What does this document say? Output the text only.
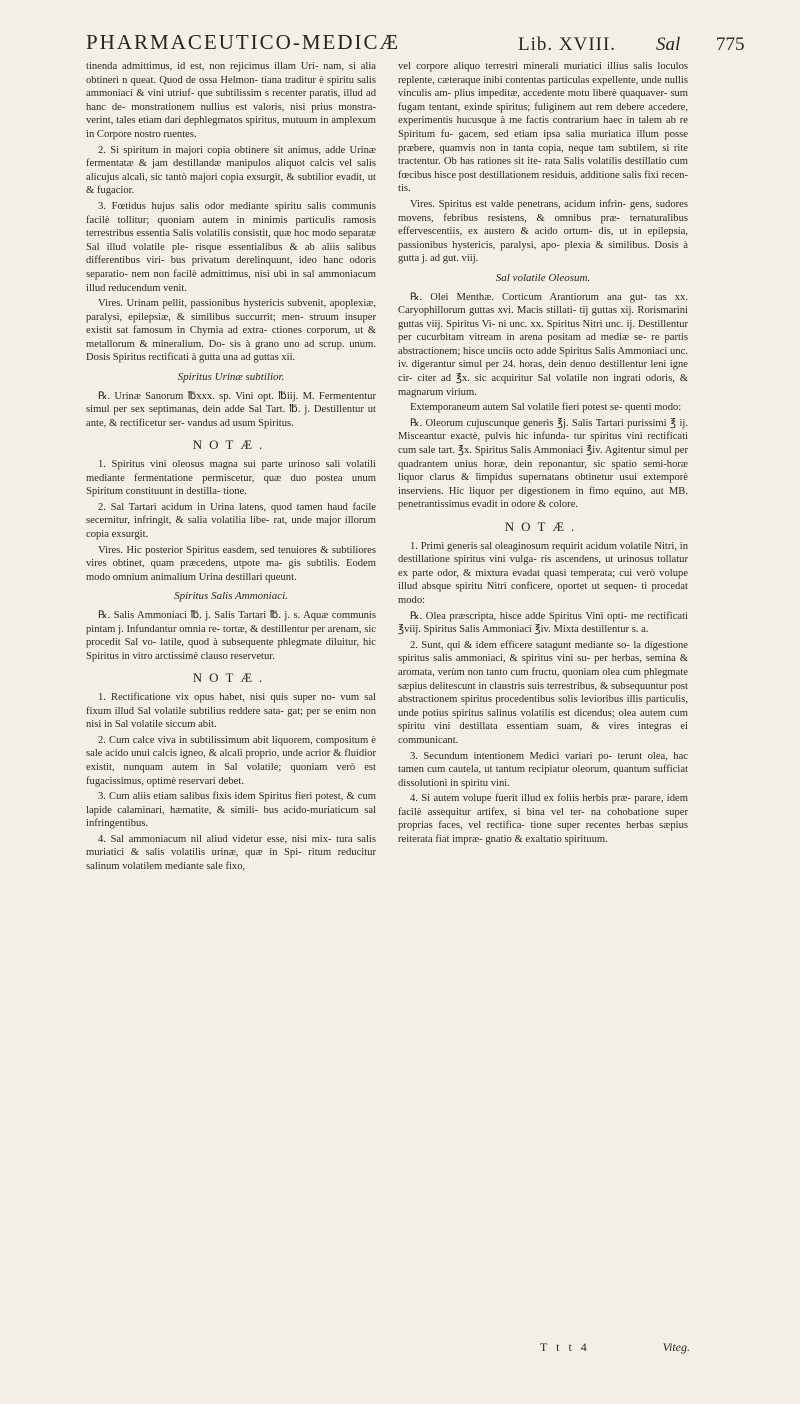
PHARMACEUTICO-MEDICÆ	Lib. XVIII. Sal 775

tinenda admittimus, id est, non rejicimus illam Uri- nam, si alia obtineri n queat. Quod de ossa Helmon- tiana traditur è spiritu salis ammoniaci & vini utriuf- que subtilissim s recenter paratis, illud ad hanc de- monstrationem nullius est valoris, nisi prius monstra- verint, tales etiam dari dephlegmatos spiritus, mutuum in amplexum in Corpore nostro ruentes.

2. Si spiritum in majori copia obtinere sit animus, adde Urinæ fermentatæ & jam destillandæ manipulos aliquot calcis vel salis alicujus alcali, sic tantò majori copia exsurgit, & subtilior evadit, ut & fugacior.

3. Fœtidus hujus salis odor mediante spiritu salis communis facilè tollitur; quoniam autem in minimis particulis ramosis terrestribus essentia Salis volatilis consistit, quæ hoc modo separatæ Sal illud volatile ple- risque essentialibus & ab aliis salibus differentibus viri- bus privatum derelinquunt, ideo hanc odoris separatio- nem non facilè admittimus, nisi ubi in sal ammoniacum illud reducendum venit.

Vires. Urinam pellit, passionibus hystericis subvenit, apoplexiæ, paralysi, epilepsiæ, & similibus succurrit; men- struum insuper existit sat famosum in Chymia ad extra- ctiones corporum, ut & metallorum & mineralium. Do- sis à grano uno ad scrup. unum. Dosis Spiritus rectificati à gutta una ad guttas xii.

Spiritus Urinæ subtilior.

℞. Urinæ Sanorum ℔xxx. sp. Vini opt. ℔iij. M. Fermententur simul per sex septimanas, dein adde Sal Tart. ℔. j. Destillentur ut ante, & rectificetur ser- vandus ad usum Spiritus.

NOTÆ.

1. Spiritus vini oleosus magna sui parte urinoso sali volatili mediante fermentatione permiscetur, quæ duo postea unum Spiritum constituunt in destilla- tione.

2. Sal Tartari acidum in Urina latens, quod tamen haud facile secernitur, infringit, & salia volatilia libe- rat, unde major illorum copia exsurgit.

Vires. Hic posterior Spiritus easdem, sed tenuiores & subtiliores vires obtinet, quam præcedens, utpote ma- gis subtilis. Eodem modo omnium animalium Urina destillari queunt.

Spiritus Salis Ammoniaci.

℞. Salis Ammoniaci ℔. j. Salis Tartari ℔. j. s. Aquæ communis pintam j. Infundantur omnia re- tortæ, & destillentur per arenam, sic procedit Sal vo- latile, quod à subsequente phlegmate diluitur, hic Spiritus in vitro arctissimè clauso reservetur.

NOTÆ.

1. Rectificatione vix opus habet, nisi quis super no- vum sal fixum illud Sal volatile subtilius reddere sata- gat; per se enim non nisi in Sal volatile siccum abit.

2. Cum calce viva in subtilissimum abit liquorem, compositum è sale acido unui calcis igneo, & alcali proprio, unde acrior & fluidior existit, nunquam autem in Sal volatile; quoniam verò est fugacissimus, optimè reservari debet.

3. Cum aliis etiam salibus fixis idem Spiritus fieri potest, & cum lapide calaminari, hæmatite, & simili- bus acido-muriaticum sal infringentibus.

4. Sal ammoniacum nil aliud videtur esse, nisi mix- tura salis muriatici & salis volatilis urinæ, quæ in Spi- ritum reducitur salinum volatilem mediante sale fixo,

vel corpore aliquo terrestri minerali muriatici illius salis loculos replente, cæteraque inibi contentas particulas expellente, unde nullis vinculis am- plius impeditæ, accedente motu liberè quaquaver- sum fugam tentant, exinde spiritus; fuliginem aut rem debere accedere, experimentis hucusque à me factis contrarium haec in talem ab re Spiritum fu- gacem, sed etiam ipsa salia muriatica illum posse præbere, quamvis non in tanta copia, neque tam subtilem, si rite tractentur. Ob has rationes sit ite- rata Salis volatilis destillatio cum fœcibus hisce post destillationem residuis, additione salis fixi recen- tis.

Vires. Spiritus est valde penetrans, acidum infrin- gens, sudores movens, febribus resistens, & omnibus præ- ternaturalibus effervescentiis, ex austero & acido ortum- dis, ut in epilepsia, passionibus hystericis, paralysi, apo- plexia & similibus. Dosis à gutta j. ad gut. viij.

Sal volatile Oleosum.

℞. Olei Menthæ. Corticum Arantiorum ana gut- tas xx. Caryophillorum guttas xvi. Macis stillati- tij guttas xij. Rorismarini guttas viij. Spiritus Vi- ni unc. xx. Spiritus Nitri unc. ij. Destillentur per cucurbitam vitream in arena positam ad mediæ se- re partis abstractionem; hisce unciis octo adde Spiritus Salis Ammoniaci unc. iv. digerantur simul per 24. horas, dein denuo destillentur leni igne cir- citer ad ℥x. sic acquiritur Sal volatile non ingrati odoris, & magnarum virium.

Extemporaneum autem Sal volatile fieri potest se- quenti modo:

℞. Oleorum cujuscunque generis ℥j. Salis Tartari purissimi ℥ ij. Misceantur exactè, pulvis hic infunda- tur spiritus vini rectificati cum sale tart. ℥x. Spiritus Salis Ammoniaci ℥iv. Agitentur simul per quadrantem unius horæ, dein reponantur, sic spatio semi-horæ liquor clarus & limpidus supernatans obtinetur usui extemporè inserviens. Hic liquor per digestionem in fimo equino, aut MB. penetrantissimus evadit in odore & colore.

NOTÆ.

1. Primi generis sal oleaginosum requirit acidum volatile Nitri, in destillatione spiritus vini vulga- ris ascendens, ut urinosus tollatur ex parte odor, & mixtura evadat quasi temperata; cui verò volupe illud absque spiritu Nitri conficere, oportet ut sequen- ti procedat modo:

℞. Olea præscripta, hisce adde Spiritus Vini opti- me rectificati ℥viij. Spiritus Salis Ammoniaci ℥iv. Mixta destillentur s. a.

2. Sunt, qui & idem efficere satagunt mediante so- la digestione spiritus salis ammoniaci, & spiritus vini su- per herbas, semina & aromata, verùm non tanto cum fructu, quoniam olea cum phlegmate sæpius delitescunt in claustris suis terrestribus, & subsequuntur post abstractionem spiritus procedentibus solis levioribus illis particulis, unde potius spiritus salinus volatilis est dicendus; olea autem cum spiritu vini destillata essentiam suam, & vires integras ei communicant.

3. Secundum intentionem Medici variari po- terunt olea, hac tamen cum cautela, ut tantum recipiatur oleorum, quantum sufficiat dissolutioni in spiritu vini.

4. Si autem volupe fuerit illud ex foliis herbis præ- parare, idem facilè assequitur artifex, si bina vel ter- na cohobatione super proprias faces, vel rectifica- tione super recentes herbas sæpius reiterata fiat impræ- gnatio & exaltatio spirituum.

T t t 4	Viteg.
